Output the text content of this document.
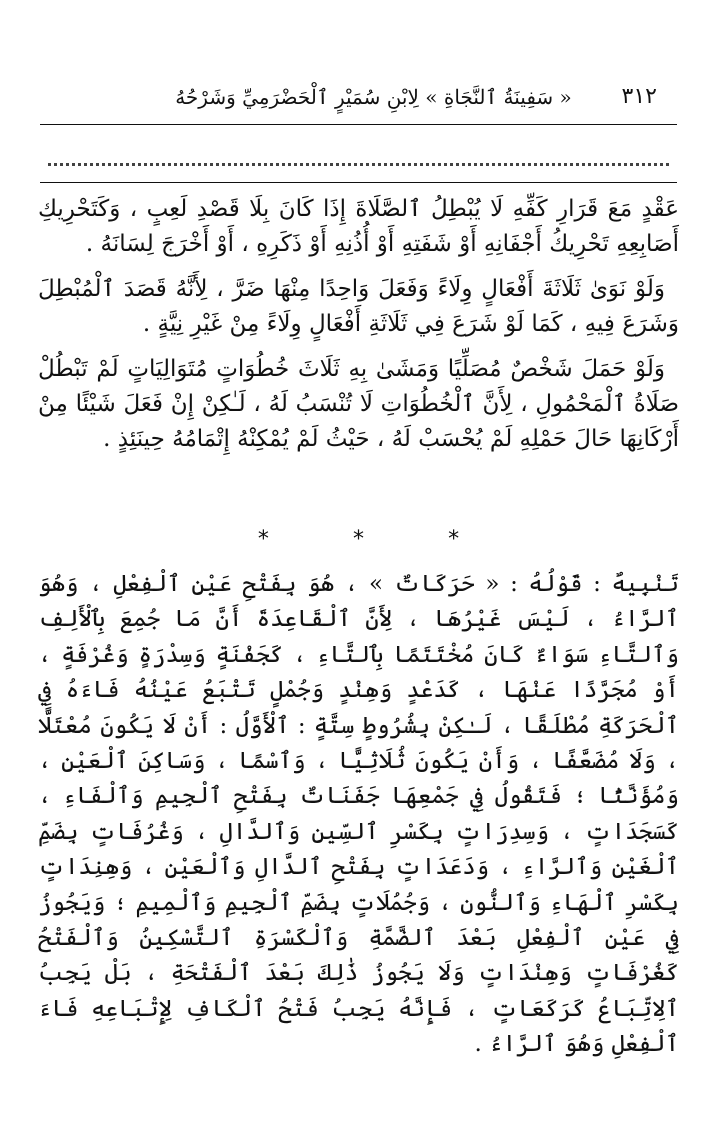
٣١٢
« سَفِينَةُ ٱلنَّجَاةِ » لِابْنِ سُمَيْرٍ ٱلْحَضْرَمِيِّ وَشَرْحُهُ

عَقْدٍ مَعَ قَرَارِ كَفِّهِ لَا يُبْطِلُ ٱلصَّلَاةَ إِذَا كَانَ بِلَا قَصْدِ لَعِبٍ ، وَكَتَحْرِيكِ أَصَابِعِهِ تَحْرِيكُ أَجْفَانِهِ أَوْ شَفَتِهِ أَوْ أُذُنِهِ أَوْ ذَكَرِهِ ، أَوْ أَخْرَجَ لِسَانَهُ .

وَلَوْ نَوَىٰ ثَلَاثَةَ أَفْعَالٍ وِلَاءً وَفَعَلَ وَاحِدًا مِنْهَا ضَرَّ ، لِأَنَّهُ قَصَدَ ٱلْمُبْطِلَ وَشَرَعَ فِيهِ ، كَمَا لَوْ شَرَعَ فِي ثَلَاثَةِ أَفْعَالٍ وِلَاءً مِنْ غَيْرِ نِيَّةٍ .

وَلَوْ حَمَلَ شَخْصٌ مُصَلِّيًا وَمَشَىٰ بِهِ ثَلَاثَ خُطُوَاتٍ مُتَوَالِيَاتٍ لَمْ تَبْطُلْ صَلَاةُ ٱلْمَحْمُولِ ، لِأَنَّ ٱلْخُطُوَاتِ لَا تُنْسَبُ لَهُ ، لَـٰكِنْ إِنْ فَعَلَ شَيْئًا مِنْ أَرْكَانِهَا حَالَ حَمْلِهِ لَمْ يُحْسَبْ لَهُ ، حَيْثُ لَمْ يُمْكِنْهُ إِتْمَامُهُ حِينَئِذٍ .

*	*	*

تَنْبِيهٌ : قَوْلُهُ : « حَرَكَاتٌ » ، هُوَ بِفَتْحِ عَيْنِ ٱلْفِعْلِ ، وَهُوَ ٱلرَّاءُ ، لَيْسَ غَيْرُهَا ، لِأَنَّ ٱلْقَاعِدَةَ أَنَّ مَا جُمِعَ بِٱلْأَلِفِ وَٱلتَّاءِ سَوَاءٌ كَانَ مُخْتَتَمًا بِٱلتَّاءِ ، كَجَفْنَةٍ وَسِدْرَةٍ وَغُرْفَةٍ ، أَوْ مُجَرَّدًا عَنْهَا ، كَدَعْدٍ وَهِنْدٍ وَجُمْلٍ تَتْبَعُ عَيْنُهُ فَاءَهُ فِي ٱلْحَرَكَةِ مُطْلَقًا ، لَـٰكِنْ بِشُرُوطٍ سِتَّةٍ : ٱلْأَوَّلُ : أَنْ لَا يَكُونَ مُعْتَلًّا ، وَلَا مُضَعَّفًا ، وَأَنْ يَكُونَ ثُلَاثِيًّا ، وَٱسْمًا ، وَسَاكِنَ ٱلْعَيْنِ ، وَمُؤَنَّثًا ؛ فَتَقُولُ فِي جَمْعِهَا جَفَنَاتٌ بِفَتْحِ ٱلْجِيمِ وَٱلْفَاءِ ، كَسَجَدَاتٍ ، وَسِدِرَاتٍ بِكَسْرِ ٱلسِّينِ وَٱلدَّالِ ، وَغُرُفَاتٍ بِضَمِّ ٱلْغَيْنِ وَٱلرَّاءِ ، وَدَعَدَاتٍ بِفَتْحِ ٱلدَّالِ وَٱلْعَيْنِ ، وَهِنِدَاتٍ بِكَسْرِ ٱلْهَاءِ وَٱلنُّونِ ، وَجُمُلَاتٍ بِضَمِّ ٱلْجِيمِ وَٱلْمِيمِ ؛ وَيَجُوزُ فِي عَيْنِ ٱلْفِعْلِ بَعْدَ ٱلضَّمَّةِ وَٱلْكَسْرَةِ ٱلتَّسْكِينُ وَٱلْفَتْحُ كَغُرْفَاتٍ وَهِنْدَاتٍ وَلَا يَجُوزُ ذَٰلِكَ بَعْدَ ٱلْفَتْحَةِ ، بَلْ يَجِبُ ٱلِاتِّبَاعُ كَرَكَعَاتٍ ، فَإِنَّهُ يَجِبُ فَتْحُ ٱلْكَافِ لِإِتْبَاعِهِ فَاءَ ٱلْفِعْلِ وَهُوَ ٱلرَّاءُ .
